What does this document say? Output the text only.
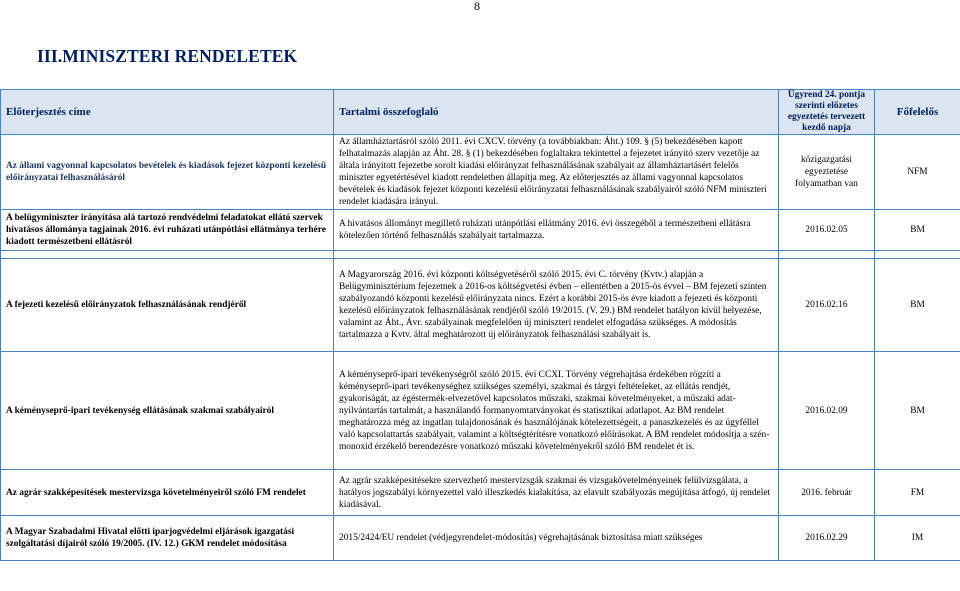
8
III.MINISZTERI RENDELETEK
Előterjesztés címe	Tartalmi összefoglaló	Ügyrend 24. pontja szerinti előzetes egyeztetés tervezett kezdő napja	Főfelelős
Az állami vagyonnal kapcsolatos bevételek és kiadások fejezet központi kezelésű előirányzatai felhasználásáról	Az államháztartásról szóló 2011. évi CXCV. törvény (a továbbiakban: Áht.) 109. § (5) bekezdésében kapott felhatalmazás alapján az Áht. 28. § (1) bekezdésében foglaltakra tekintettel a fejezetet irányító szerv vezetője az általa irányított fejezetbe sorolt kiadási előirányzat felhasználásának szabályait az államháztartásért felelős miniszter egyetértésével kiadott rendeletben állapítja meg. Az előterjesztés az állami vagyonnal kapcsolatos bevételek és kiadások fejezet központi kezelésű előirányzatai felhasználásának szabályairól szóló NFM miniszteri rendelet kiadására irányul.	közigazgatási egyeztetése folyamatban van	NFM
A belügyminiszter irányítása alá tartozó rendvédelmi feladatokat ellátó szervek hivatásos állománya tagjainak 2016. évi ruházati utánpótlási ellátmánya terhére kiadott természetbeni ellátásról	A hivatásos állományt megillető ruházati utánpótlási ellátmány 2016. évi összegéből a természetbeni ellátásra kötelezően történő felhasználás szabályait tartalmazza.	2016.02.05	BM

A fejezeti kezelésű előirányzatok felhasználásának rendjéről	A Magyarország 2016. évi központi költségvetéséről szóló 2015. évi C. törvény (Kvtv.) alapján a Belügyminisztérium fejezetnek a 2016-os költségvetési évben – ellentétben a 2015-ös évvel – BM fejezeti szinten szabályozandó központi kezelésű előirányzata nincs. Ezért a korábbi 2015-ös évre kiadott a fejezeti és központi kezelésű előirányzatok felhasználásának rendjéről szóló 19/2015. (V. 29.) BM rendelet hatályon kívül helyezése, valamint az Áht., Ávr. szabályainak megfelelően új miniszteri rendelet elfogadása szükséges. A módosítás tartalmazza a Kvtv. által meghatározott új előirányzatok felhasználási szabályait is.	2016.02.16	BM
A kéményseprő-ipari tevékenység ellátásának szakmai szabályairól	A kéményseprő-ipari tevékenységről szóló 2015. évi CCXI. Törvény végrehajtása érdekében rögzíti a kéményseprő-ipari tevékenységhez szükséges személyi, szakmai és tárgyi feltételeket, az ellátás rendjét, gyakoriságát, az égéstermék-elvezetővel kapcsolatos műszaki, szakmai követelményeket, a műszaki adat-nyilvántartás tartalmát, a használandó formanyomtatványokat és statisztikai adatlapot. Az BM rendelet meghatározza még az ingatlan tulajdonosának és használójának kötelezettségeit, a panaszkezelés és az ügyféllel való kapcsolattartás szabályait, valamint a költségtérítésre vonatkozó előírásokat. A BM rendelet módosítja a szén-monoxid érzékelő berendezésre vonatkozó műszaki követelményekről szóló BM rendelet ét is.	2016.02.09	BM
Az agrár szakképesítések mestervizsga követelményeiről szóló FM rendelet	Az agrár szakképesítésekre szervezhető mestervizsgák szakmai és vizsgakövetelményeinek felülvizsgálata, a hatályos jogszabályi környezettel való illeszkedés kialakítása, az elavult szabályozás megújítása átfogó, új rendelet kiadásával.	2016. február	FM
A Magyar Szabadalmi Hivatal előtti iparjogvédelmi eljárások igazgatási szolgáltatási díjairól szóló 19/2005. (IV. 12.) GKM rendelet módosítása	2015/2424/EU rendelet (védjegyrendelet-módosítás) végrehajtásának biztosítása miatt szükséges	2016.02.29	IM
